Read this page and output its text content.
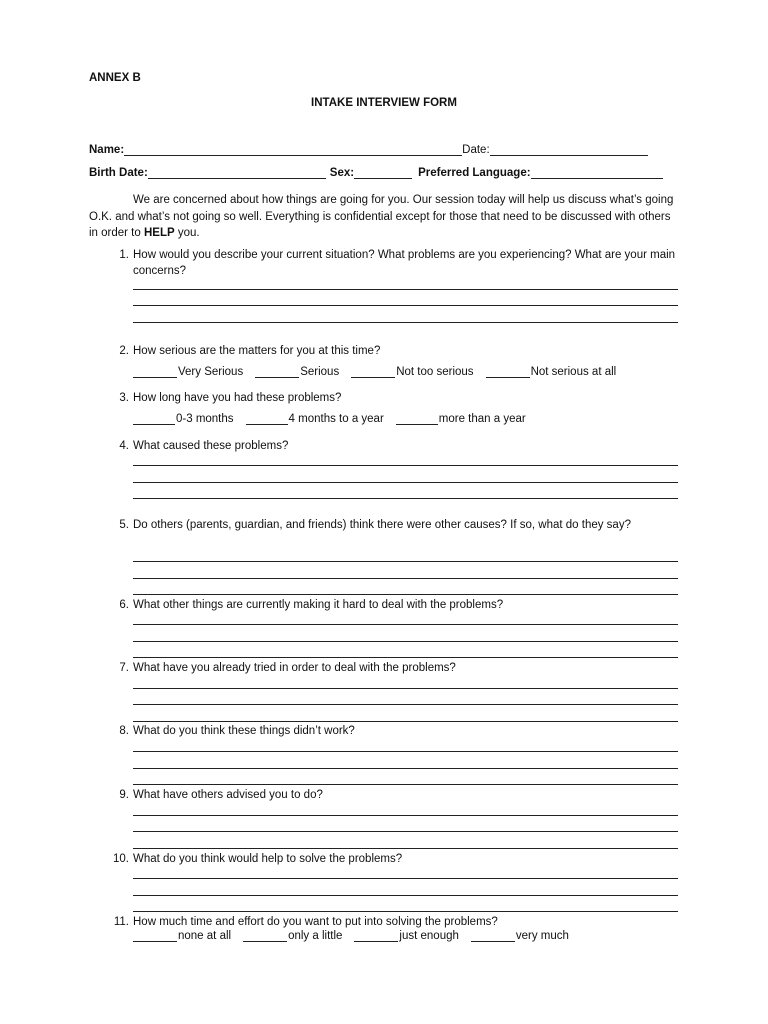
ANNEX B
INTAKE INTERVIEW FORM
Name:	Date:
Birth Date:	Sex:	Preferred Language:

We are concerned about how things are going for you. Our session today will help us discuss what’s going O.K. and what’s not going so well. Everything is confidential except for those that need to be discussed with others in order to HELP you.

1. How would you describe your current situation? What problems are you experiencing? What are your main concerns?
2. How serious are the matters for you at this time?
Very Serious	Serious	Not too serious	Not serious at all
3. How long have you had these problems?
0-3 months	4 months to a year	more than a year
4. What caused these problems?
5. Do others (parents, guardian, and friends) think there were other causes? If so, what do they say?
6. What other things are currently making it hard to deal with the problems?
7. What have you already tried in order to deal with the problems?
8. What do you think these things didn’t work?
9. What have others advised you to do?
10. What do you think would help to solve the problems?
11. How much time and effort do you want to put into solving the problems?
none at all	only a little	just enough	very much
